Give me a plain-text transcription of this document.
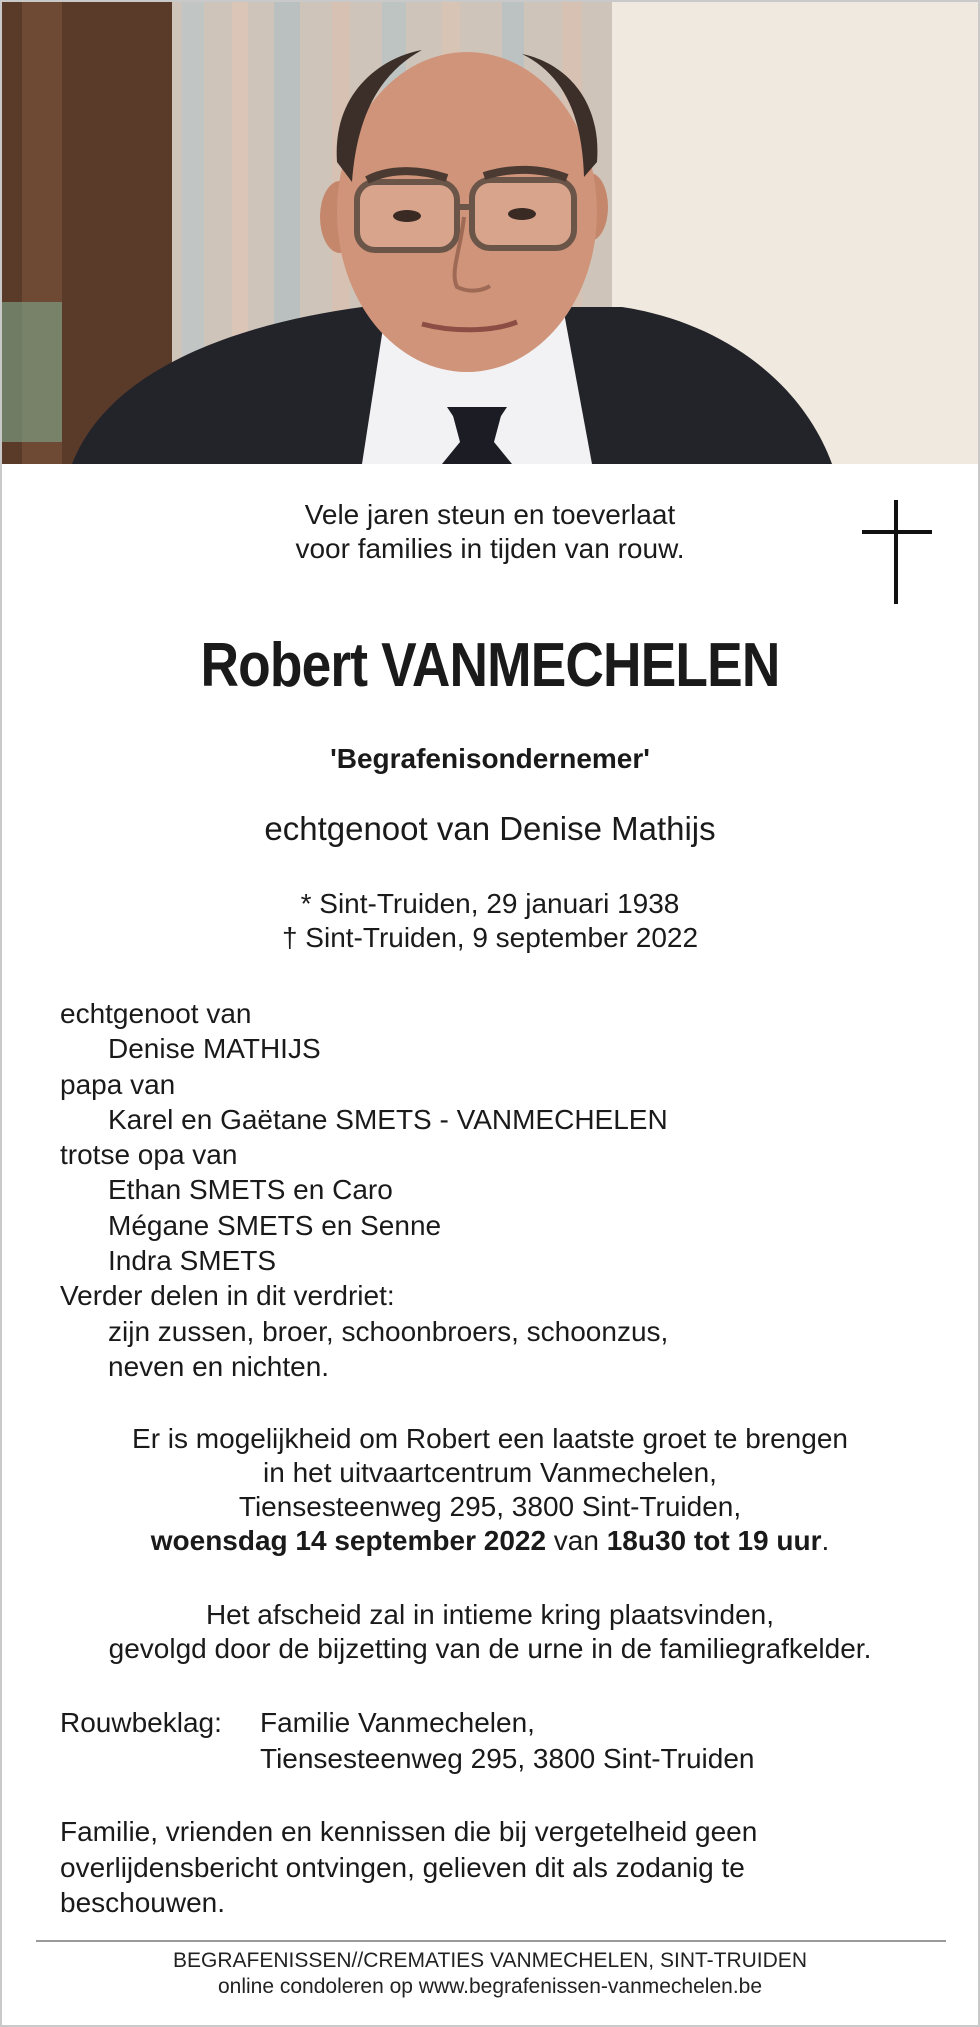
Vele jaren steun en toeverlaat
voor families in tijden van rouw.
Robert VANMECHELEN
'Begrafenisondernemer'
echtgenoot van Denise Mathijs
* Sint-Truiden, 29 januari 1938
† Sint-Truiden, 9 september 2022
echtgenoot van
Denise MATHIJS
papa van
Karel en Gaëtane SMETS - VANMECHELEN
trotse opa van
Ethan SMETS en Caro
Mégane SMETS en Senne
Indra SMETS
Verder delen in dit verdriet:
zijn zussen, broer, schoonbroers, schoonzus,
neven en nichten.
Er is mogelijkheid om Robert een laatste groet te brengen
in het uitvaartcentrum Vanmechelen,
Tiensesteenweg 295, 3800 Sint-Truiden,
woensdag 14 september 2022 van 18u30 tot 19 uur.
Het afscheid zal in intieme kring plaatsvinden,
gevolgd door de bijzetting van de urne in de familiegrafkelder.
Rouwbeklag:	Familie Vanmechelen,
Tiensesteenweg 295, 3800 Sint-Truiden
Familie, vrienden en kennissen die bij vergetelheid geen
overlijdensbericht ontvingen, gelieven dit als zodanig te
beschouwen.
BEGRAFENISSEN//CREMATIES VANMECHELEN, SINT-TRUIDEN
online condoleren op www.begrafenissen-vanmechelen.be
